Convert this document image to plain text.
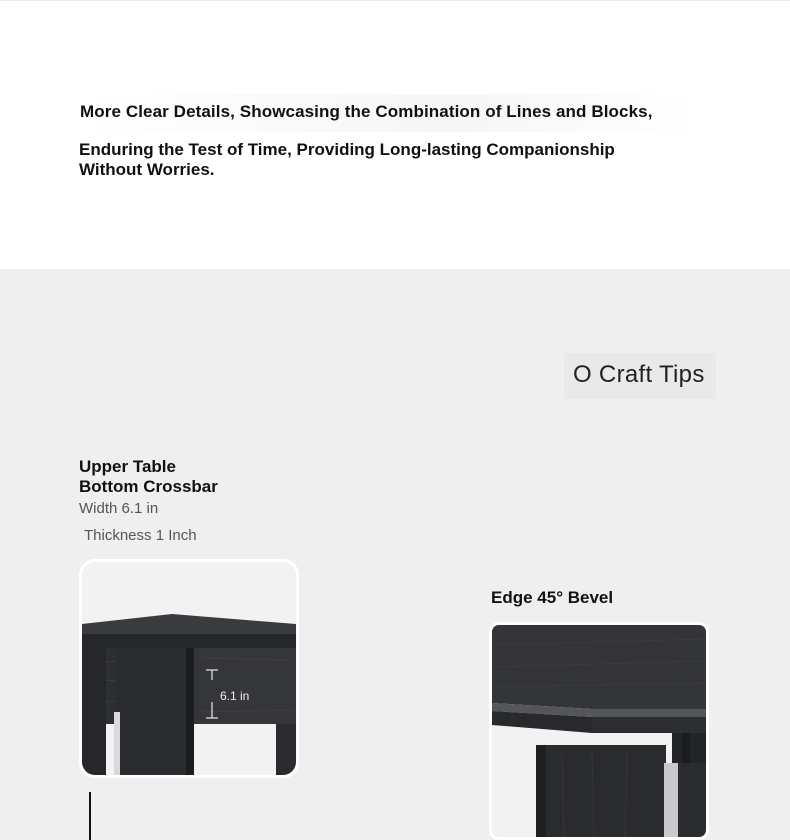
More Clear Details, Showcasing the Combination of Lines and Blocks,
Enduring the Test of Time, Providing Long-lasting Companionship Without Worries.
O Craft Tips
Upper Table
Bottom Crossbar
Width 6.1 in
Thickness 1 Inch
6.1 in
Edge 45° Bevel
